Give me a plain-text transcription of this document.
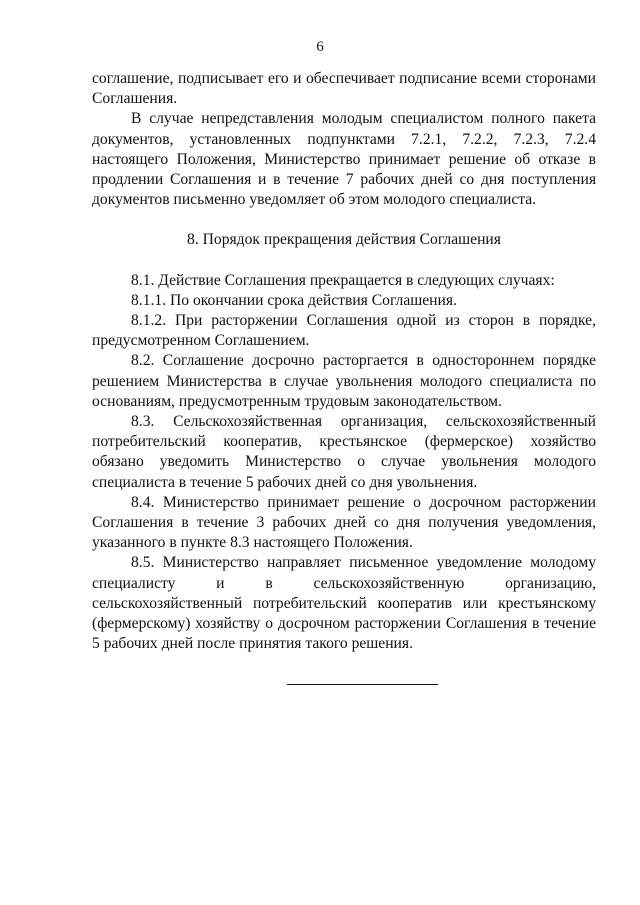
6

соглашение, подписывает его и обеспечивает подписание всеми сторонами Соглашения.

В случае непредставления молодым специалистом полного пакета документов, установленных подпунктами 7.2.1, 7.2.2, 7.2.3, 7.2.4 настоящего Положения, Министерство принимает решение об отказе в продлении Соглашения и в течение 7 рабочих дней со дня поступления документов письменно уведомляет об этом молодого специалиста.

8. Порядок прекращения действия Соглашения

8.1. Действие Соглашения прекращается в следующих случаях:

8.1.1. По окончании срока действия Соглашения.

8.1.2. При расторжении Соглашения одной из сторон в порядке, предусмотренном Соглашением.

8.2. Соглашение досрочно расторгается в одностороннем порядке решением Министерства в случае увольнения молодого специалиста по основаниям, предусмотренным трудовым законодательством.

8.3. Сельскохозяйственная организация, сельскохозяйственный потребительский кооператив, крестьянское (фермерское) хозяйство обязано уведомить Министерство о случае увольнения молодого специалиста в течение 5 рабочих дней со дня увольнения.

8.4. Министерство принимает решение о досрочном расторжении Соглашения в течение 3 рабочих дней со дня получения уведомления, указанного в пункте 8.3 настоящего Положения.

8.5. Министерство направляет письменное уведомление молодому специалисту и в сельскохозяйственную организацию, сельскохозяйственный потребительский кооператив или крестьянскому (фермерскому) хозяйству о досрочном расторжении Соглашения в течение 5 рабочих дней после принятия такого решения.
